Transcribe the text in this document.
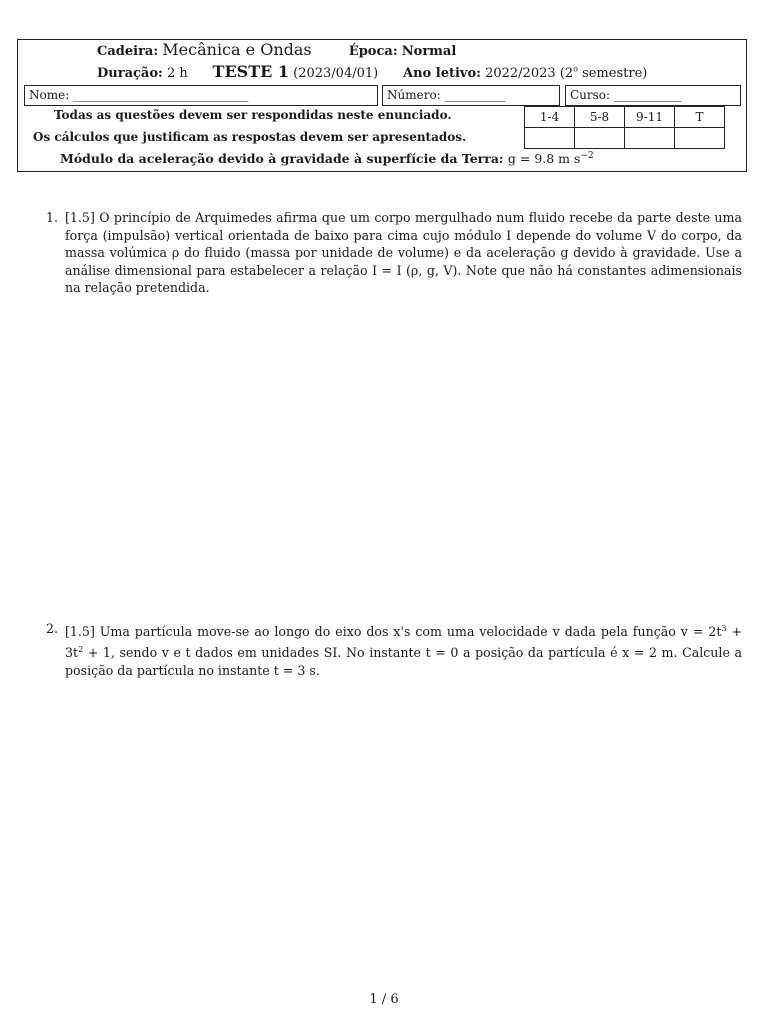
Cadeira: Mecânica e Ondas	Época: Normal
Duração: 2 h TESTE 1 (2023/04/01) Ano letivo: 2022/2023 (2$^o$ semestre)
Nome: __________________________	Número: _________	Curso: __________
Todas as questões devem ser respondidas neste enunciado.
Os cálculos que justificam as respostas devem ser apresentados.
1-4	5-8	9-11	T

Módulo da aceleração devido à gravidade à superfície da Terra: g = 9.8 m $s^{-2}$
1. [1.5] O princípio de Arquimedes afirma que um corpo mergulhado num fluido recebe da parte deste uma força (impulsão) vertical orientada de baixo para cima cujo módulo I depende do volume V do corpo, da massa volúmica ρ do fluido (massa por unidade de volume) e da aceleração g devido à gravidade. Use a análise dimensional para estabelecer a relação I = I (ρ, g, V). Note que não há constantes adimensionais na relação pretendida.
2. [1.5] Uma partícula move-se ao longo do eixo dos x's com uma velocidade v dada pela função $v = 2t^3 + 3t^2 + 1$, sendo v e t dados em unidades SI. No instante t = 0 a posição da partícula é x = 2 m. Calcule a posição da partícula no instante t = 3 s.
1 / 6
